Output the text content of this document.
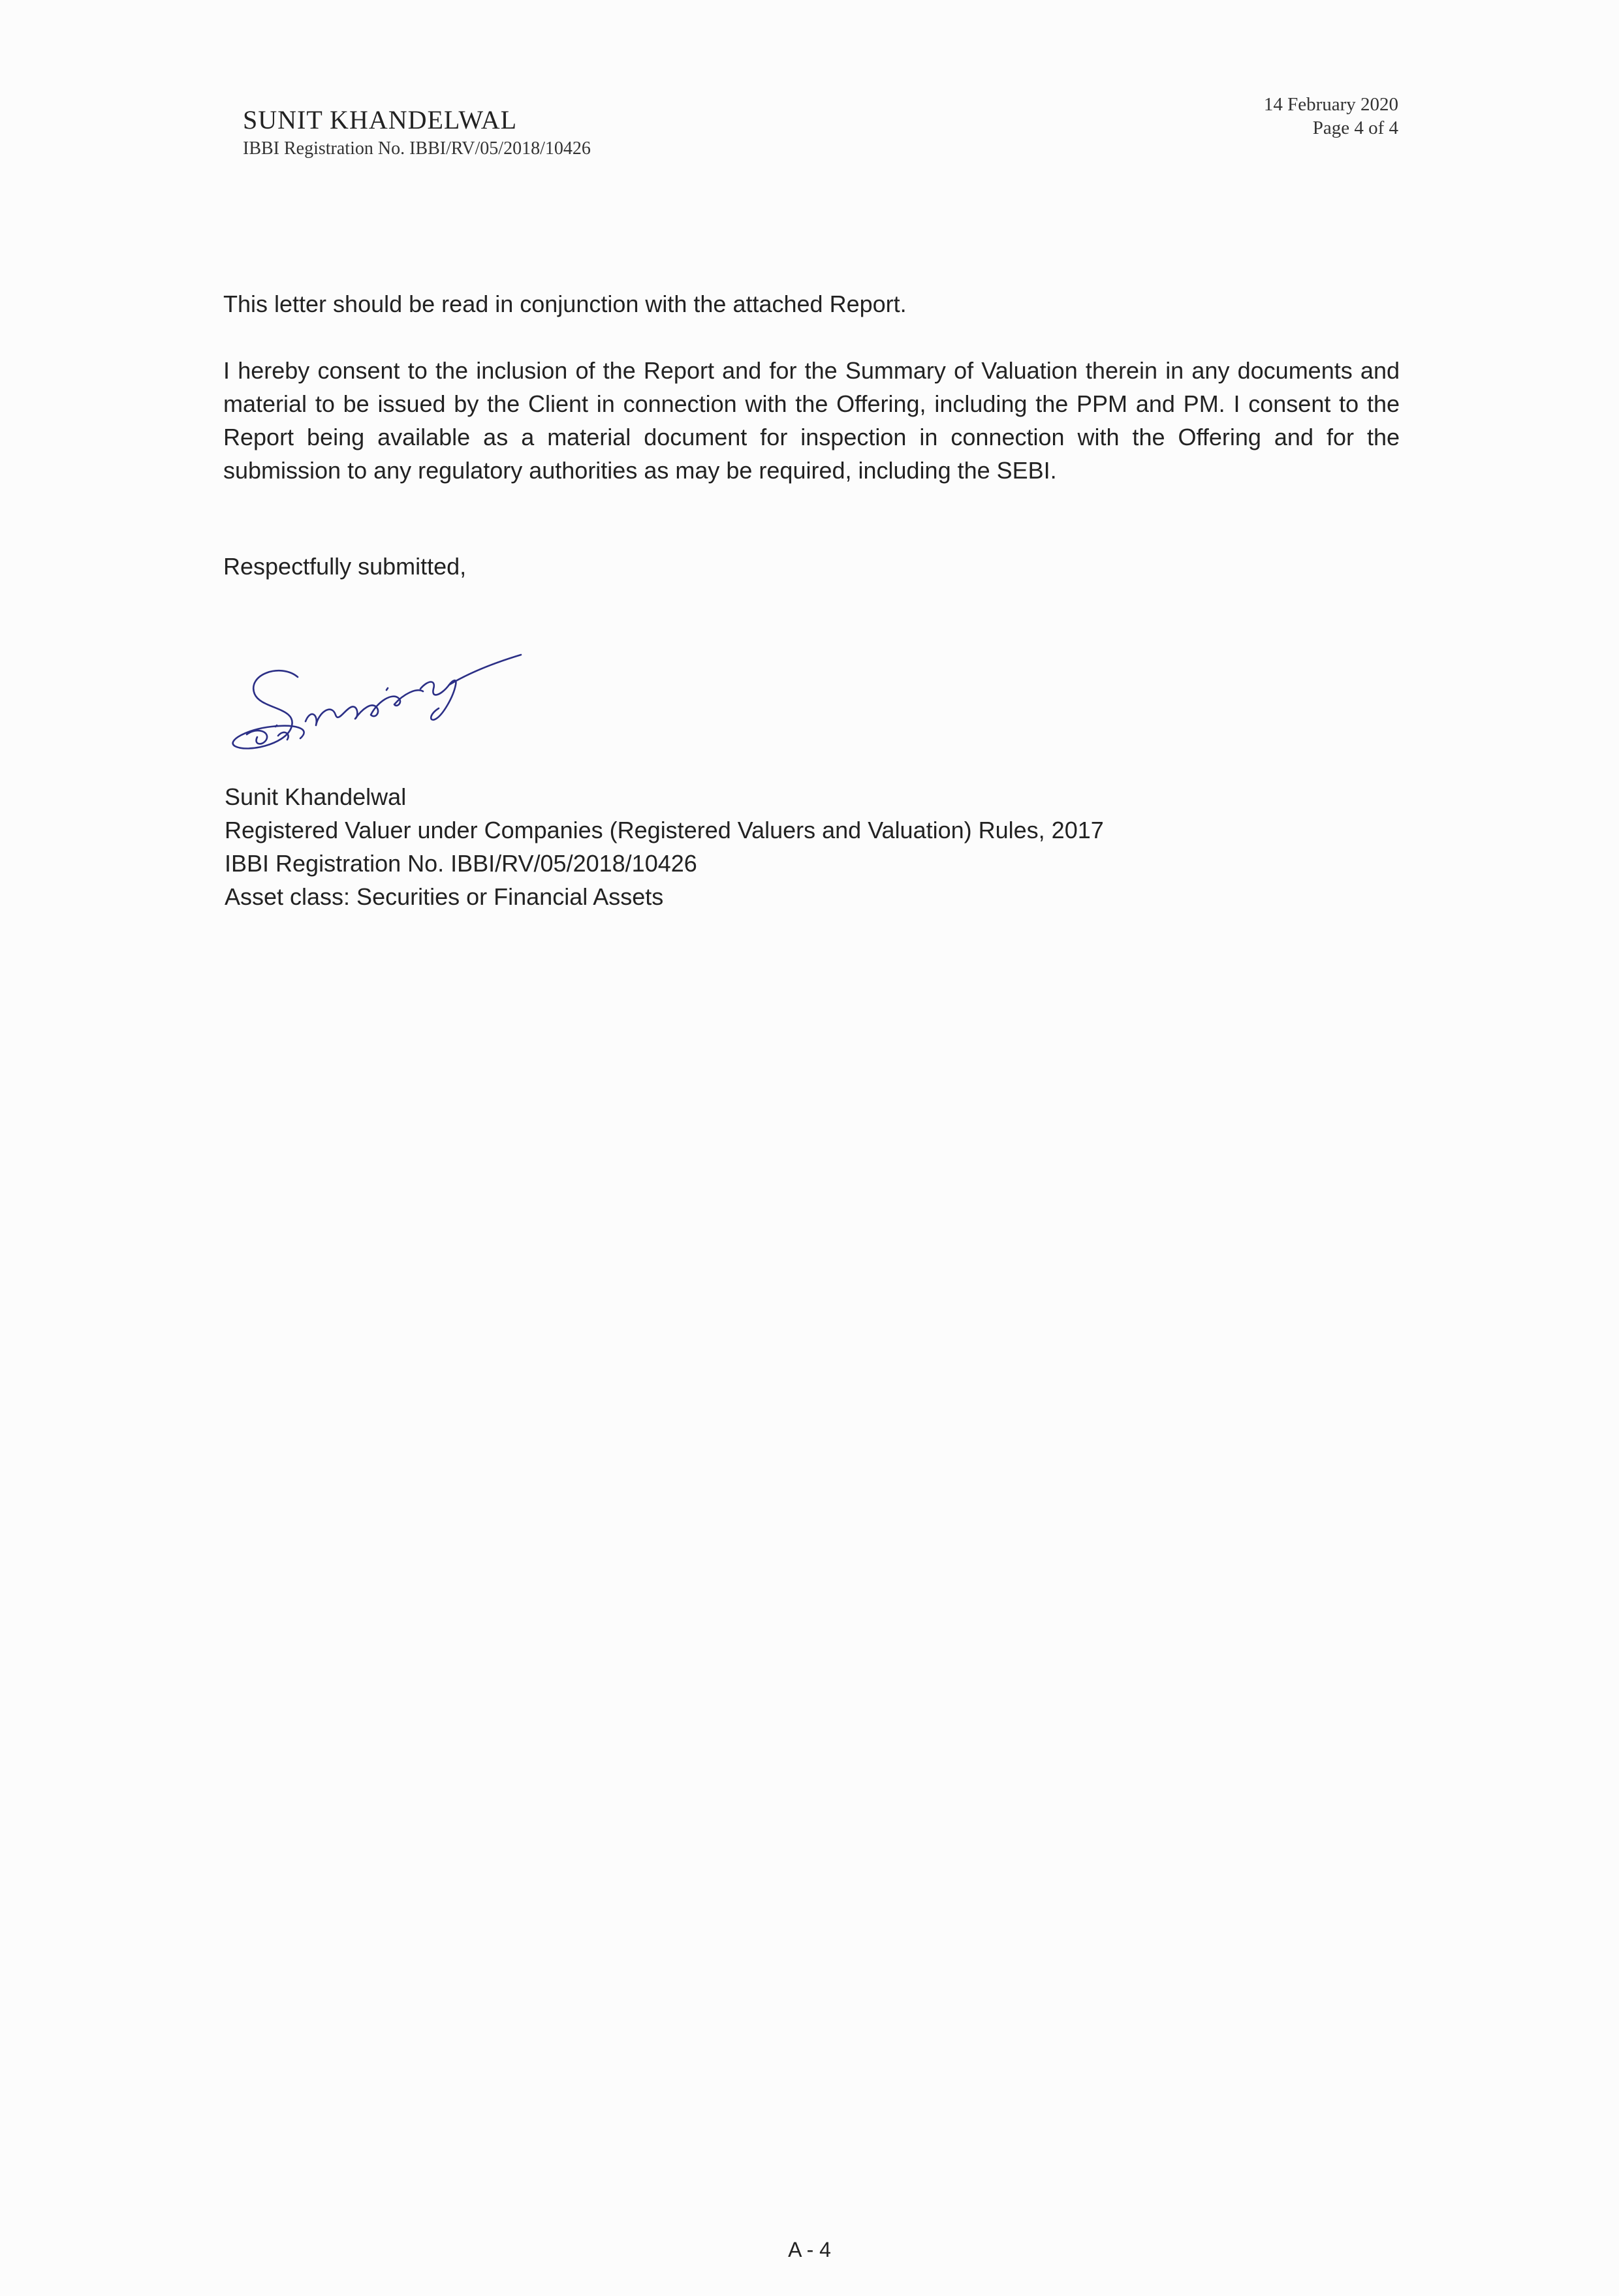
SUNIT KHANDELWAL
IBBI Registration No. IBBI/RV/05/2018/10426
14 February 2020
Page 4 of 4
This letter should be read in conjunction with the attached Report.
I hereby consent to the inclusion of the Report and for the Summary of Valuation therein in any documents and material to be issued by the Client in connection with the Offering, including the PPM and PM. I consent to the Report being available as a material document for inspection in connection with the Offering and for the submission to any regulatory authorities as may be required, including the SEBI.
Respectfully submitted,
Sunit Khandelwal
Registered Valuer under Companies (Registered Valuers and Valuation) Rules, 2017
IBBI Registration No. IBBI/RV/05/2018/10426
Asset class: Securities or Financial Assets
A - 4
